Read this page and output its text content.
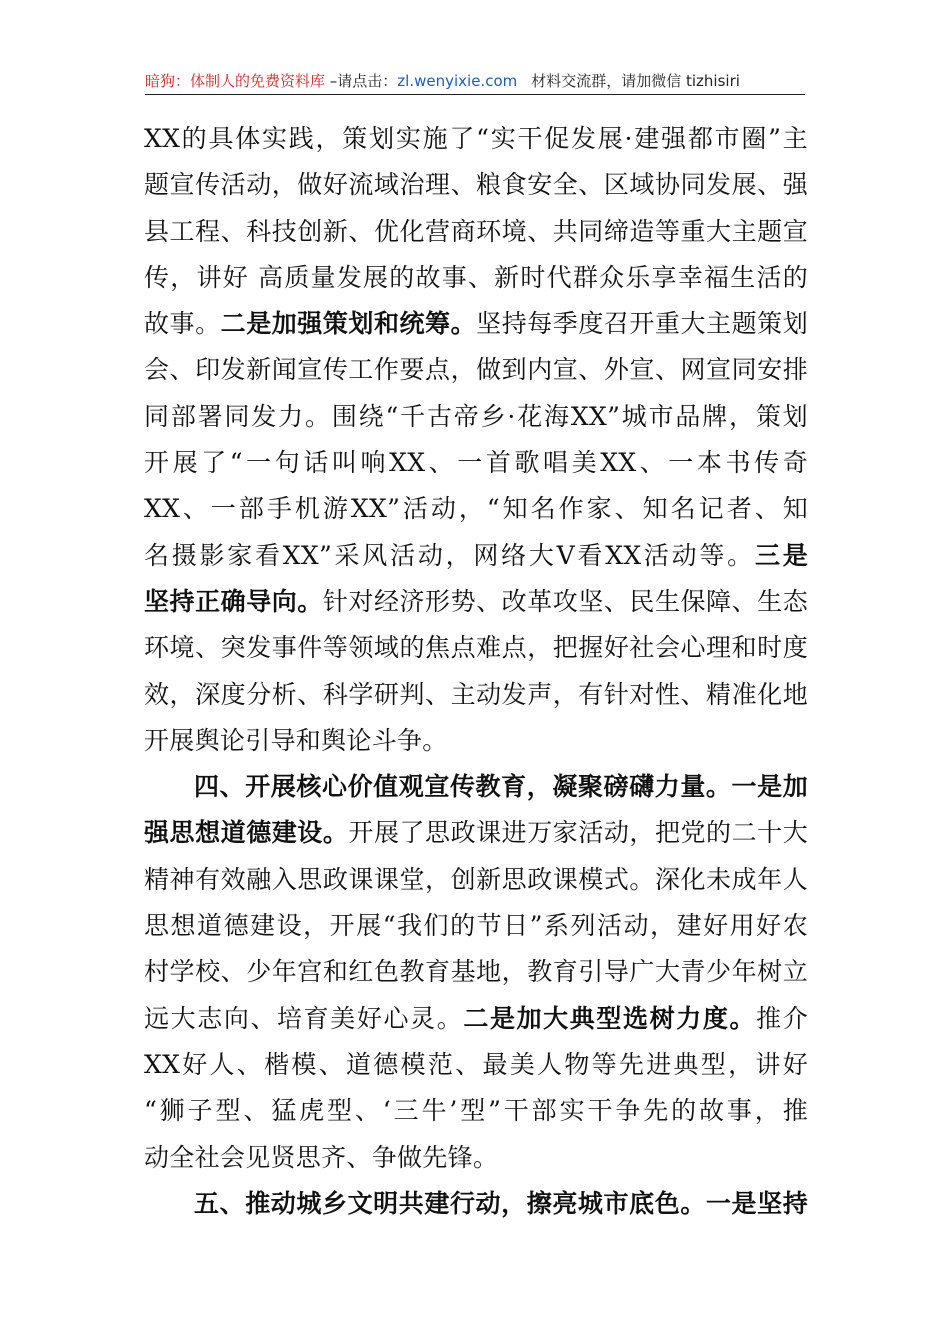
暗狗：体制人的免费资料库 –请点击：zl.wenyixie.com 材料交流群，请加微信 tizhisiri
XX的具体实践，策划实施了“实干促发展·建强都市圈”主
题宣传活动，做好流域治理、粮食安全、区域协同发展、强
县工程、科技创新、优化营商环境、共同缔造等重大主题宣
传，讲好 高质量发展的故事、新时代群众乐享幸福生活的
故事。二是加强策划和统筹。坚持每季度召开重大主题策划
会、印发新闻宣传工作要点，做到内宣、外宣、网宣同安排
同部署同发力。围绕“千古帝乡·花海XX”城市品牌，策划
开展了“一句话叫响XX、一首歌唱美XX、一本书传奇
XX、一部手机游XX”活动，“知名作家、知名记者、知
名摄影家看XX”采风活动，网络大V看XX活动等。三是
坚持正确导向。针对经济形势、改革攻坚、民生保障、生态
环境、突发事件等领域的焦点难点，把握好社会心理和时度
效，深度分析、科学研判、主动发声，有针对性、精准化地
开展舆论引导和舆论斗争。
四、开展核心价值观宣传教育，凝聚磅礴力量。一是加
强思想道德建设。开展了思政课进万家活动，把党的二十大
精神有效融入思政课课堂，创新思政课模式。深化未成年人
思想道德建设，开展“我们的节日”系列活动，建好用好农
村学校、少年宫和红色教育基地，教育引导广大青少年树立
远大志向、培育美好心灵。二是加大典型选树力度。推介
XX好人、楷模、道德模范、最美人物等先进典型，讲好
“狮子型、猛虎型、‘三牛’型”干部实干争先的故事，推
动全社会见贤思齐、争做先锋。
五、推动城乡文明共建行动，擦亮城市底色。一是坚持
